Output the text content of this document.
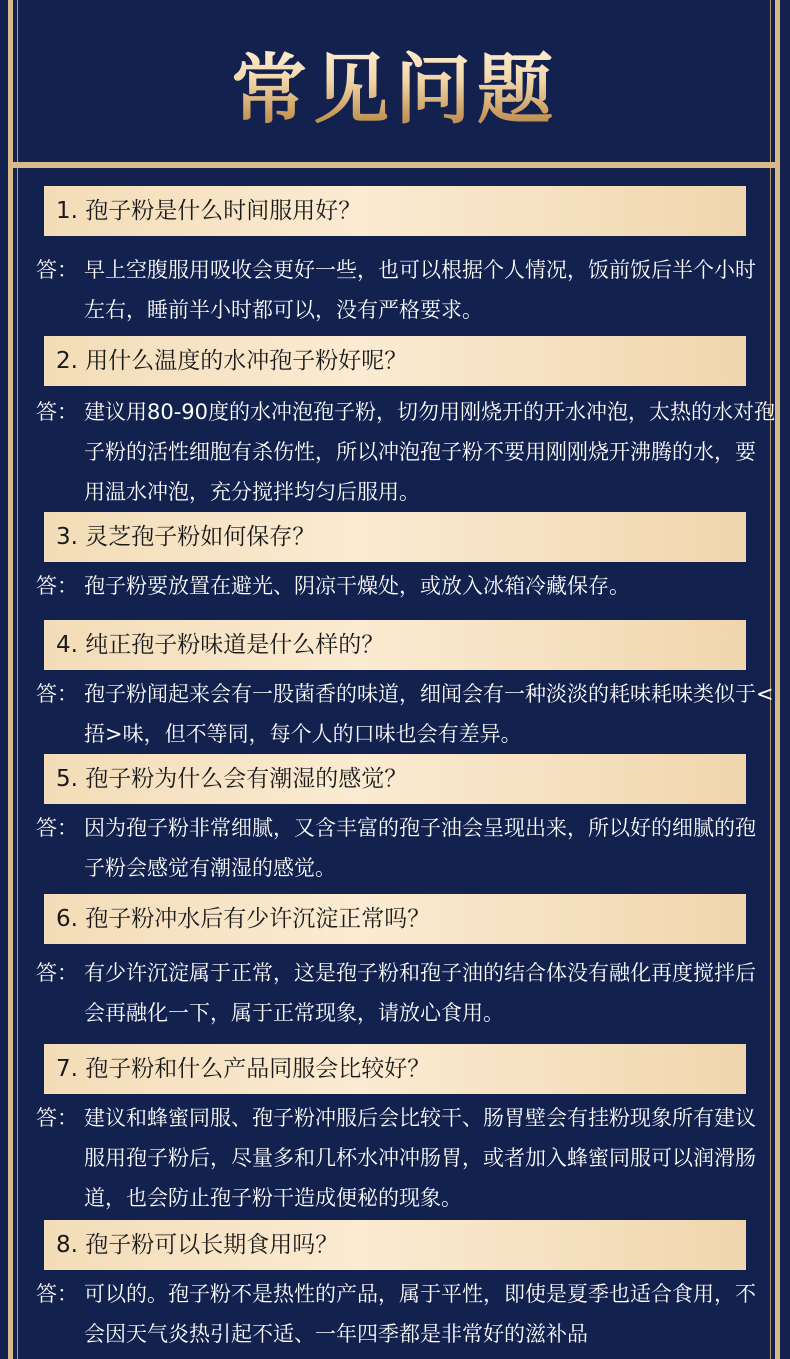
常见问题
1. 孢子粉是什么时间服用好？
答： 早上空腹服用吸收会更好一些，也可以根据个人情况，饭前饭后半个小时左右，睡前半小时都可以，没有严格要求。
2. 用什么温度的水冲孢子粉好呢？
答： 建议用80-90度的水冲泡孢子粉，切勿用刚烧开的开水冲泡，太热的水对孢子粉的活性细胞有杀伤性，所以冲泡孢子粉不要用刚刚烧开沸腾的水，要用温水冲泡，充分搅拌均匀后服用。
3. 灵芝孢子粉如何保存？
答： 孢子粉要放置在避光、阴凉干燥处，或放入冰箱冷藏保存。
4. 纯正孢子粉味道是什么样的？
答： 孢子粉闻起来会有一股菌香的味道，细闻会有一种淡淡的耗味耗味类似于<捂>味，但不等同，每个人的口味也会有差异。
5. 孢子粉为什么会有潮湿的感觉？
答： 因为孢子粉非常细腻，又含丰富的孢子油会呈现出来，所以好的细腻的孢子粉会感觉有潮湿的感觉。
6. 孢子粉冲水后有少许沉淀正常吗？
答： 有少许沉淀属于正常，这是孢子粉和孢子油的结合体没有融化再度搅拌后会再融化一下，属于正常现象，请放心食用。
7. 孢子粉和什么产品同服会比较好？
答： 建议和蜂蜜同服、孢子粉冲服后会比较干、肠胃壁会有挂粉现象所有建议服用孢子粉后，尽量多和几杯水冲冲肠胃，或者加入蜂蜜同服可以润滑肠道，也会防止孢子粉干造成便秘的现象。
8. 孢子粉可以长期食用吗？
答： 可以的。孢子粉不是热性的产品，属于平性，即使是夏季也适合食用，不会因天气炎热引起不适、一年四季都是非常好的滋补品
